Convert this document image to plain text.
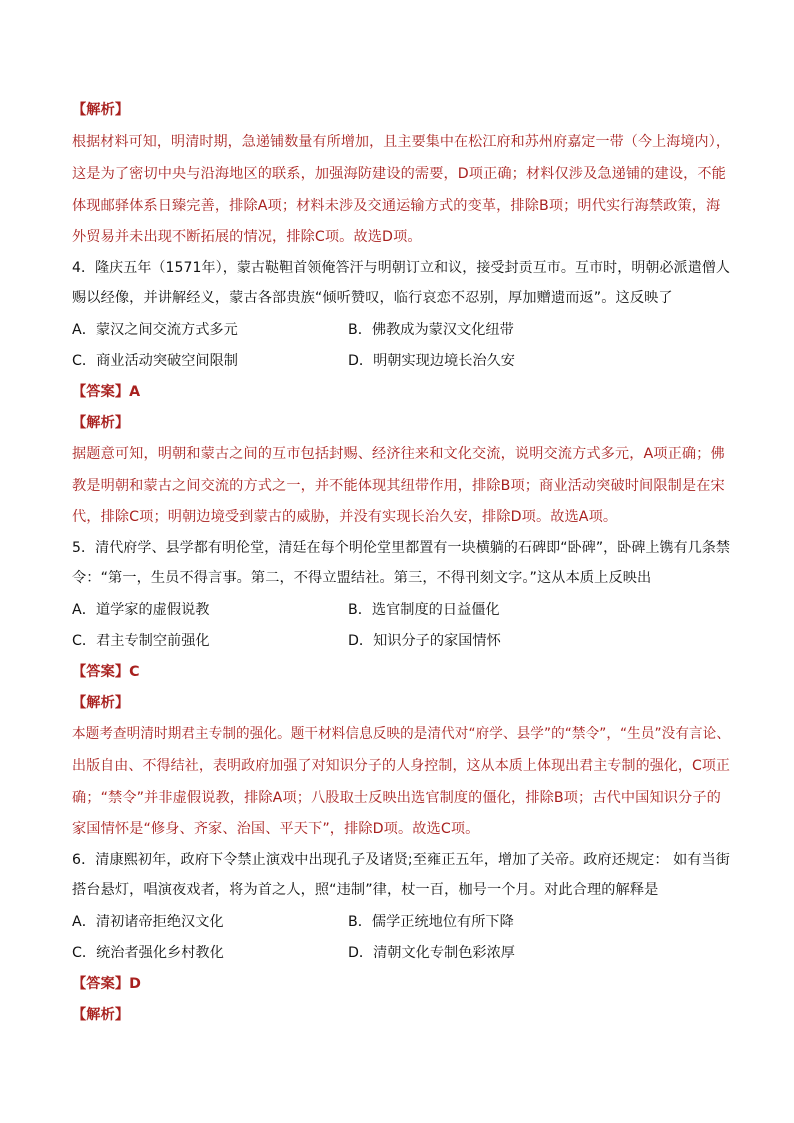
【解析】
根据材料可知，明清时期，急递铺数量有所增加，且主要集中在松江府和苏州府嘉定一带（今上海境内），
这是为了密切中央与沿海地区的联系，加强海防建设的需要，D项正确；材料仅涉及急递铺的建设，不能
体现邮驿体系日臻完善，排除A项；材料未涉及交通运输方式的变革，排除B项；明代实行海禁政策，海
外贸易并未出现不断拓展的情况，排除C项。故选D项。
4．隆庆五年（1571年），蒙古鞑靼首领俺答汗与明朝订立和议，接受封贡互市。互市时，明朝必派遣僧人
赐以经像，并讲解经义，蒙古各部贵族“倾听赞叹，临行哀恋不忍别，厚加赠遗而返”。这反映了
A．蒙汉之间交流方式多元	B．佛教成为蒙汉文化纽带
C．商业活动突破空间限制	D．明朝实现边境长治久安
【答案】A
【解析】
据题意可知，明朝和蒙古之间的互市包括封赐、经济往来和文化交流，说明交流方式多元，A项正确；佛
教是明朝和蒙古之间交流的方式之一，并不能体现其纽带作用，排除B项；商业活动突破时间限制是在宋
代，排除C项；明朝边境受到蒙古的威胁，并没有实现长治久安，排除D项。故选A项。
5．清代府学、县学都有明伦堂，清廷在每个明伦堂里都置有一块横躺的石碑即“卧碑”，卧碑上镌有几条禁
令：“第一，生员不得言事。第二，不得立盟结社。第三，不得刊刻文字。”这从本质上反映出
A．道学家的虚假说教	B．选官制度的日益僵化
C．君主专制空前强化	D．知识分子的家国情怀
【答案】C
【解析】
本题考查明清时期君主专制的强化。题干材料信息反映的是清代对“府学、县学”的“禁令”，“生员”没有言论、
出版自由、不得结社，表明政府加强了对知识分子的人身控制，这从本质上体现出君主专制的强化，C项正
确；“禁令”并非虚假说教，排除A项；八股取士反映出选官制度的僵化，排除B项；古代中国知识分子的
家国情怀是“修身、齐家、治国、平天下”，排除D项。故选C项。
6．清康熙初年，政府下令禁止演戏中出现孔子及诸贤;至雍正五年，增加了关帝。政府还规定： 如有当街
搭台悬灯，唱演夜戏者，将为首之人，照“违制”律，杖一百，枷号一个月。对此合理的解释是
A．清初诸帝拒绝汉文化	B．儒学正统地位有所下降
C．统治者强化乡村教化	D．清朝文化专制色彩浓厚
【答案】D
【解析】
